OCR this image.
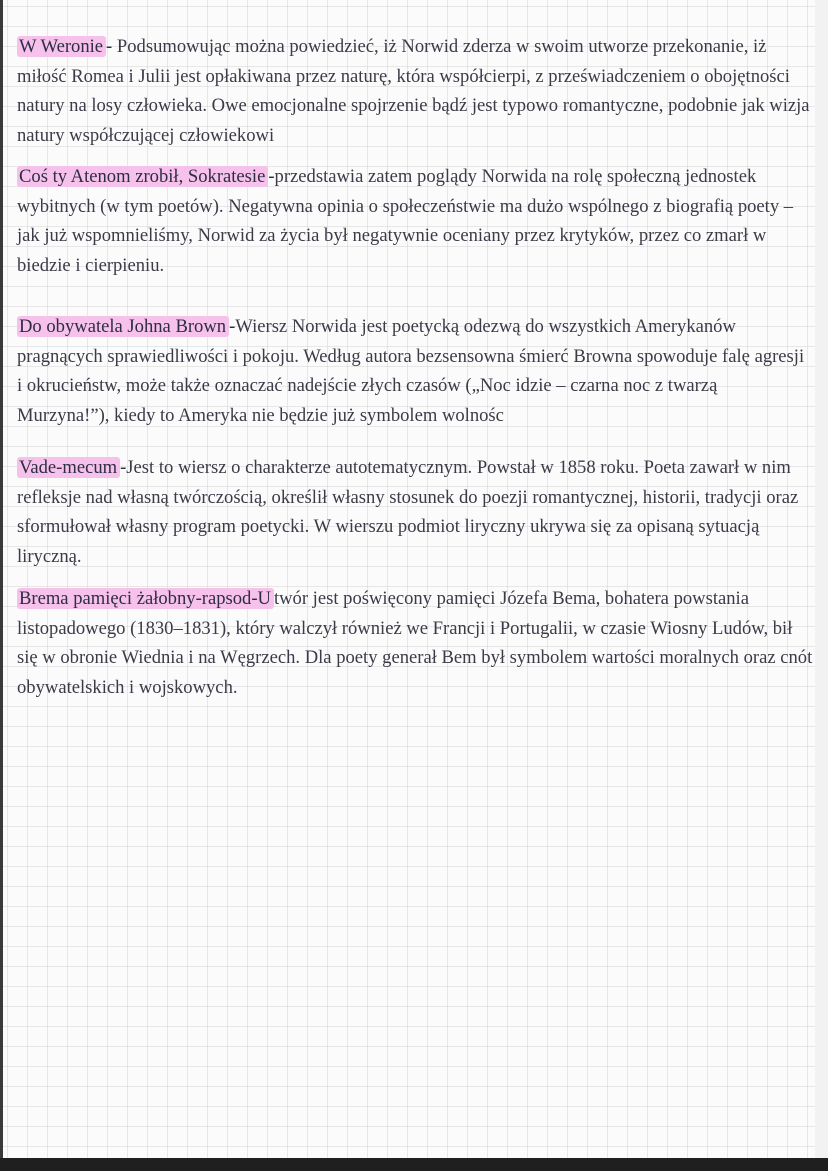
W Weronie - Podsumowując można powiedzieć, iż Norwid zderza w swoim utworze przekonanie, iż miłość Romea i Julii jest opłakiwana przez naturę, która współcierpi, z przeświadczeniem o obojętności natury na losy człowieka. Owe emocjonalne spojrzenie bądź jest typowo romantyczne, podobnie jak wizja natury współczującej człowiekowi

Coś ty Atenom zrobił, Sokratesie -przedstawia zatem poglądy Norwida na rolę społeczną jednostek wybitnych (w tym poetów). Negatywna opinia o społeczeństwie ma dużo wspólnego z biografią poety – jak już wspomnieliśmy, Norwid za życia był negatywnie oceniany przez krytyków, przez co zmarł w biedzie i cierpieniu.

Do obywatela Johna Brown -Wiersz Norwida jest poetycką odezwą do wszystkich Amerykanów pragnących sprawiedliwości i pokoju. Według autora bezsensowna śmierć Browna spowoduje falę agresji i okrucieństw, może także oznaczać nadejście złych czasów („Noc idzie – czarna noc z twarzą Murzyna!”), kiedy to Ameryka nie będzie już symbolem wolnośc

Vade-mecum -Jest to wiersz o charakterze autotematycznym. Powstał w 1858 roku. Poeta zawarł w nim refleksje nad własną twórczością, określił własny stosunek do poezji romantycznej, historii, tradycji oraz sformułował własny program poetycki. W wierszu podmiot liryczny ukrywa się za opisaną sytuacją liryczną.

Brema pamięci żałobny-rapsod-U twór jest poświęcony pamięci Józefa Bema, bohatera powstania listopadowego (1830–1831), który walczył również we Francji i Portugalii, w czasie Wiosny Ludów, bił się w obronie Wiednia i na Węgrzech. Dla poety generał Bem był symbolem wartości moralnych oraz cnót obywatelskich i wojskowych.
